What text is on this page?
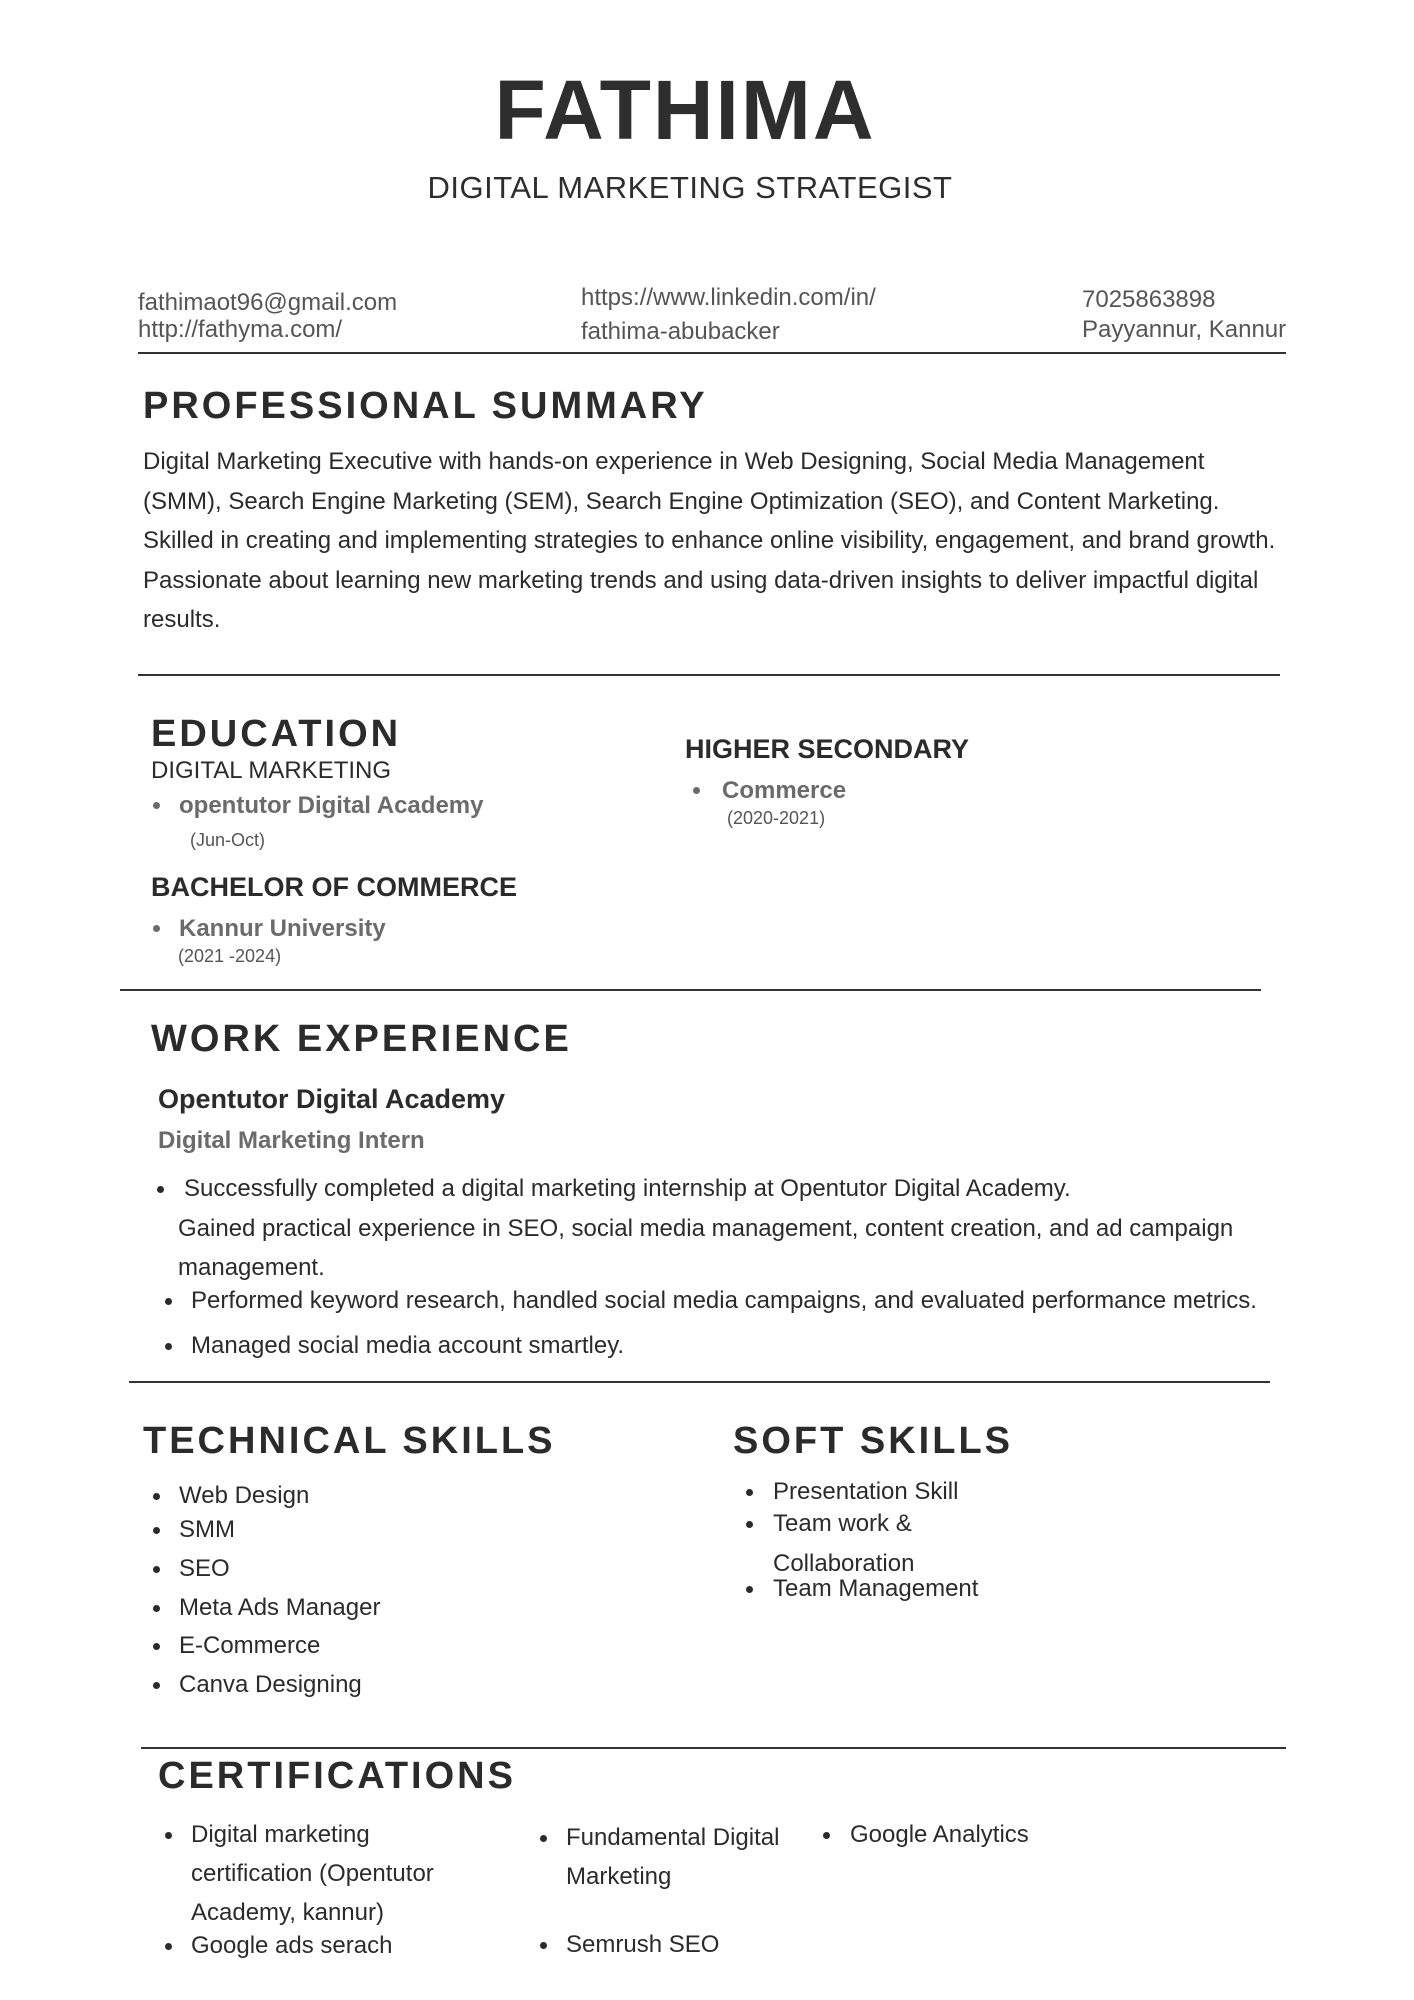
FATHIMA
DIGITAL MARKETING STRATEGIST
fathimaot96@gmail.com
http://fathyma.com/
https://www.linkedin.com/in/
fathima-abubacker
7025863898
Payyannur, Kannur
PROFESSIONAL SUMMARY
Digital Marketing Executive with hands-on experience in Web Designing, Social Media Management
(SMM), Search Engine Marketing (SEM), Search Engine Optimization (SEO), and Content Marketing.
Skilled in creating and implementing strategies to enhance online visibility, engagement, and brand growth.
Passionate about learning new marketing trends and using data-driven insights to deliver impactful digital
results.
EDUCATION
DIGITAL MARKETING
opentutor Digital Academy
(Jun-Oct)
BACHELOR OF COMMERCE
Kannur University
(2021 -2024)
HIGHER SECONDARY
Commerce
(2020-2021)
WORK EXPERIENCE
Opentutor Digital Academy
Digital Marketing Intern
Successfully completed a digital marketing internship at Opentutor Digital Academy.
Gained practical experience in SEO, social media management, content creation, and ad campaign
management.
Performed keyword research, handled social media campaigns, and evaluated performance metrics.
Managed social media account smartley.
TECHNICAL SKILLS
Web Design
SMM
SEO
Meta Ads Manager
E-Commerce
Canva Designing
SOFT SKILLS
Presentation Skill
Team work &
Collaboration
Team Management
CERTIFICATIONS
Digital marketing
certification (Opentutor
Academy, kannur)
Google ads serach
Fundamental Digital
Marketing
Semrush SEO
Google Analytics
